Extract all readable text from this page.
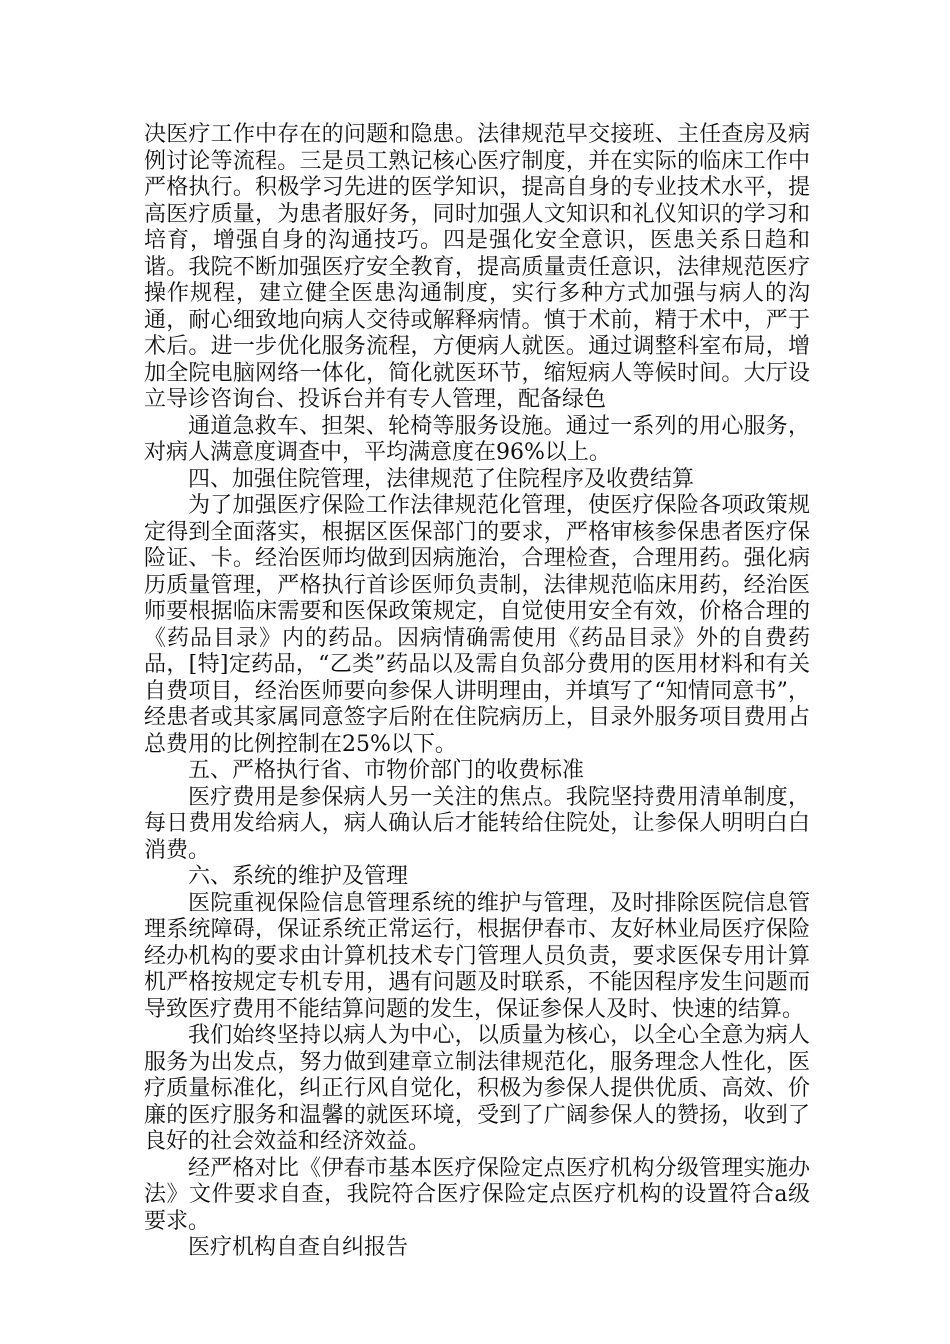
决医疗工作中存在的问题和隐患。法律规范早交接班、主任查房及病例讨论等流程。三是员工熟记核心医疗制度，并在实际的临床工作中严格执行。积极学习先进的医学知识，提高自身的专业技术水平，提高医疗质量，为患者服好务，同时加强人文知识和礼仪知识的学习和培育，增强自身的沟通技巧。四是强化安全意识，医患关系日趋和谐。我院不断加强医疗安全教育，提高质量责任意识，法律规范医疗操作规程，建立健全医患沟通制度，实行多种方式加强与病人的沟通，耐心细致地向病人交待或解释病情。慎于术前，精于术中，严于术后。进一步优化服务流程，方便病人就医。通过调整科室布局，增加全院电脑网络一体化，简化就医环节，缩短病人等候时间。大厅设立导诊咨询台、投诉台并有专人管理，配备绿色

通道急救车、担架、轮椅等服务设施。通过一系列的用心服务，对病人满意度调查中，平均满意度在96%以上。

四、加强住院管理，法律规范了住院程序及收费结算

为了加强医疗保险工作法律规范化管理，使医疗保险各项政策规定得到全面落实，根据区医保部门的要求，严格审核参保患者医疗保险证、卡。经治医师均做到因病施治，合理检查，合理用药。强化病历质量管理，严格执行首诊医师负责制，法律规范临床用药，经治医师要根据临床需要和医保政策规定，自觉使用安全有效，价格合理的《药品目录》内的药品。因病情确需使用《药品目录》外的自费药品，[特]定药品，“乙类”药品以及需自负部分费用的医用材料和有关自费项目，经治医师要向参保人讲明理由，并填写了“知情同意书”，经患者或其家属同意签字后附在住院病历上，目录外服务项目费用占总费用的比例控制在25%以下。

五、严格执行省、市物价部门的收费标准

医疗费用是参保病人另一关注的焦点。我院坚持费用清单制度，每日费用发给病人，病人确认后才能转给住院处，让参保人明明白白消费。

六、系统的维护及管理

医院重视保险信息管理系统的维护与管理，及时排除医院信息管理系统障碍，保证系统正常运行，根据伊春市、友好林业局医疗保险经办机构的要求由计算机技术专门管理人员负责，要求医保专用计算机严格按规定专机专用，遇有问题及时联系，不能因程序发生问题而导致医疗费用不能结算问题的发生，保证参保人及时、快速的结算。

我们始终坚持以病人为中心，以质量为核心，以全心全意为病人服务为出发点，努力做到建章立制法律规范化，服务理念人性化，医疗质量标准化，纠正行风自觉化，积极为参保人提供优质、高效、价廉的医疗服务和温馨的就医环境，受到了广阔参保人的赞扬，收到了良好的社会效益和经济效益。

经严格对比《伊春市基本医疗保险定点医疗机构分级管理实施办法》文件要求自查，我院符合医疗保险定点医疗机构的设置符合a级要求。

医疗机构自查自纠报告
